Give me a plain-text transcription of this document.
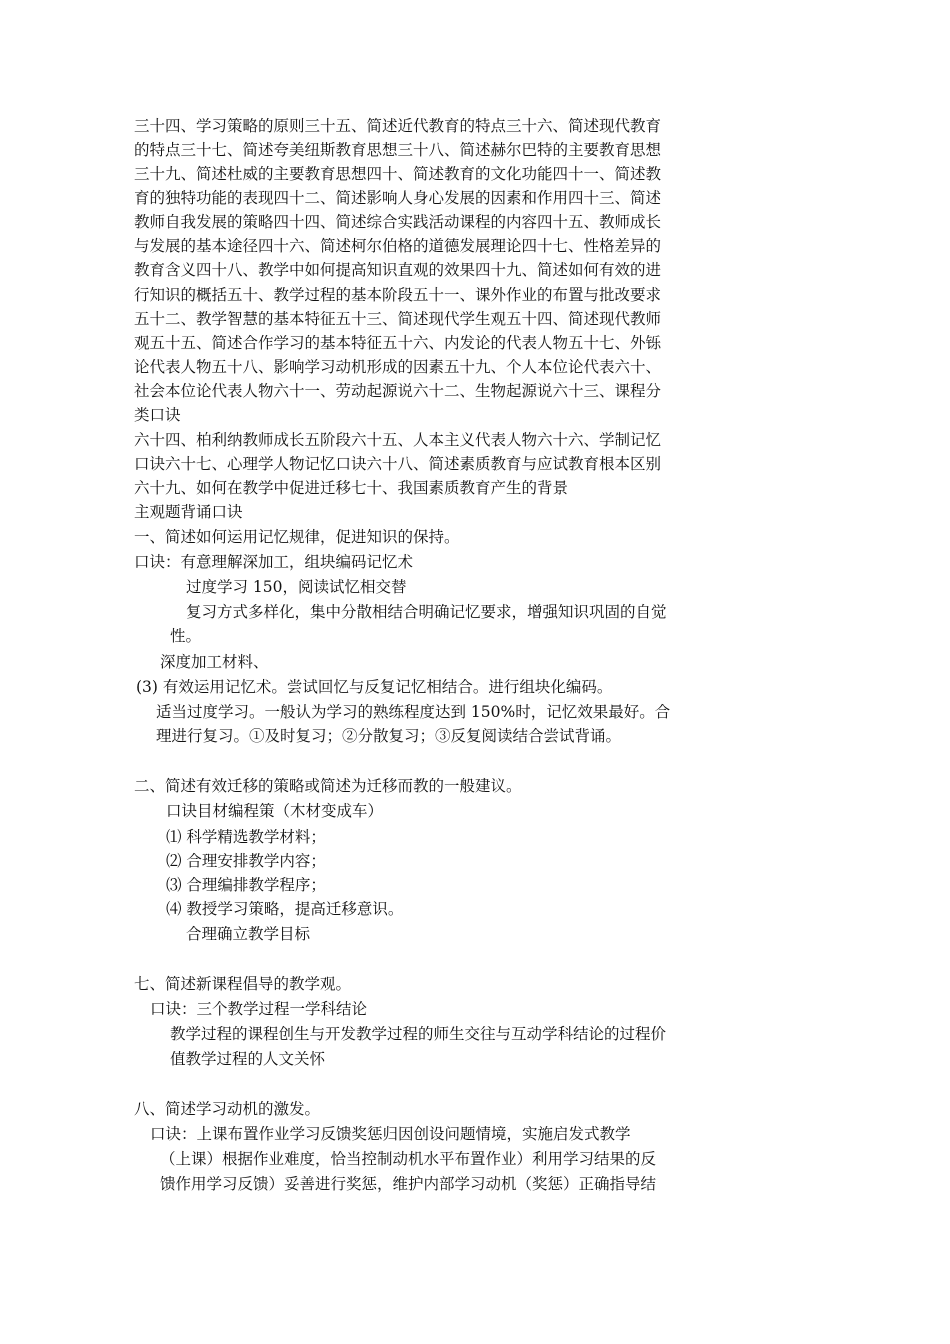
三十四、学习策略的原则三十五、简述近代教育的特点三十六、简述现代教育
的特点三十七、简述夸美纽斯教育思想三十八、简述赫尔巴特的主要教育思想
三十九、简述杜威的主要教育思想四十、简述教育的文化功能四十一、简述教
育的独特功能的表现四十二、简述影响人身心发展的因素和作用四十三、简述
教师自我发展的策略四十四、简述综合实践活动课程的内容四十五、教师成长
与发展的基本途径四十六、简述柯尔伯格的道德发展理论四十七、性格差异的
教育含义四十八、教学中如何提高知识直观的效果四十九、简述如何有效的进
行知识的概括五十、教学过程的基本阶段五十一、课外作业的布置与批改要求
五十二、教学智慧的基本特征五十三、简述现代学生观五十四、简述现代教师
观五十五、简述合作学习的基本特征五十六、内发论的代表人物五十七、外铄
论代表人物五十八、影响学习动机形成的因素五十九、个人本位论代表六十、
社会本位论代表人物六十一、劳动起源说六十二、生物起源说六十三、课程分
类口诀
六十四、柏利纳教师成长五阶段六十五、人本主义代表人物六十六、学制记忆
口诀六十七、心理学人物记忆口诀六十八、简述素质教育与应试教育根本区别
六十九、如何在教学中促进迁移七十、我国素质教育产生的背景
主观题背诵口诀
一、简述如何运用记忆规律，促进知识的保持。
口诀：有意理解深加工，组块编码记忆术
过度学习 150，阅读试忆相交替
复习方式多样化，集中分散相结合明确记忆要求，增强知识巩固的自觉
性。
深度加工材料、
(3) 有效运用记忆术。尝试回忆与反复记忆相结合。进行组块化编码。
适当过度学习。一般认为学习的熟练程度达到 150%时，记忆效果最好。合
理进行复习。①及时复习；②分散复习；③反复阅读结合尝试背诵。
二、简述有效迁移的策略或简述为迁移而教的一般建议。
口诀目材编程策（木材变成车）
⑴ 科学精选教学材料；
⑵ 合理安排教学内容；
⑶ 合理编排教学程序；
⑷ 教授学习策略，提高迁移意识。
合理确立教学目标
七、简述新课程倡导的教学观。
口诀：三个教学过程一学科结论
教学过程的课程创生与开发教学过程的师生交往与互动学科结论的过程价
值教学过程的人文关怀
八、简述学习动机的激发。
口诀：上课布置作业学习反馈奖惩归因创设问题情境，实施启发式教学
（上课）根据作业难度，恰当控制动机水平布置作业）利用学习结果的反
馈作用学习反馈）妥善进行奖惩，维护内部学习动机（奖惩）正确指导结
